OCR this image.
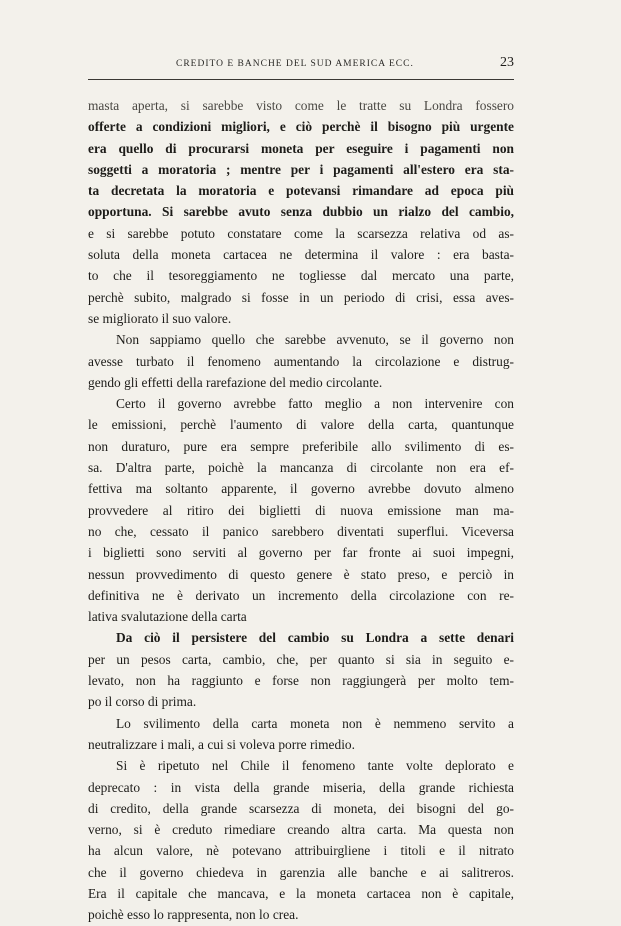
CREDITO E BANCHE DEL SUD AMERICA ECC.	23
masta aperta, si sarebbe visto come le tratte su Londra fossero
offerte a condizioni migliori, e ciò perchè il bisogno più urgente
era quello di procurarsi moneta per eseguire i pagamenti non
soggetti a moratoria ; mentre per i pagamenti all'estero era sta-
ta decretata la moratoria e potevansi rimandare ad epoca più
opportuna. Si sarebbe avuto senza dubbio un rialzo del cambio,
e si sarebbe potuto constatare come la scarsezza relativa od as-
soluta della moneta cartacea ne determina il valore : era basta-
to che il tesoreggiamento ne togliesse dal mercato una parte,
perchè subito, malgrado si fosse in un periodo di crisi, essa aves-
se migliorato il suo valore.
Non sappiamo quello che sarebbe avvenuto, se il governo non
avesse turbato il fenomeno aumentando la circolazione e distrug-
gendo gli effetti della rarefazione del medio circolante.
Certo il governo avrebbe fatto meglio a non intervenire con
le emissioni, perchè l'aumento di valore della carta, quantunque
non duraturo, pure era sempre preferibile allo svilimento di es-
sa. D'altra parte, poichè la mancanza di circolante non era ef-
fettiva ma soltanto apparente, il governo avrebbe dovuto almeno
provvedere al ritiro dei biglietti di nuova emissione man ma-
no che, cessato il panico sarebbero diventati superflui. Viceversa
i biglietti sono serviti al governo per far fronte ai suoi impegni,
nessun provvedimento di questo genere è stato preso, e perciò in
definitiva ne è derivato un incremento della circolazione con re-
lativa svalutazione della carta
Da ciò il persistere del cambio su Londra a sette denari
per un pesos carta, cambio, che, per quanto si sia in seguito e-
levato, non ha raggiunto e forse non raggiungerà per molto tem-
po il corso di prima.
Lo svilimento della carta moneta non è nemmeno servito a
neutralizzare i mali, a cui si voleva porre rimedio.
Si è ripetuto nel Chile il fenomeno tante volte deplorato e
deprecato : in vista della grande miseria, della grande richiesta
di credito, della grande scarsezza di moneta, dei bisogni del go-
verno, si è creduto rimediare creando altra carta. Ma questa non
ha alcun valore, nè potevano attribuirgliene i titoli e il nitrato
che il governo chiedeva in garenzia alle banche e ai salitreros.
Era il capitale che mancava, e la moneta cartacea non è capitale,
poichè esso lo rappresenta, non lo crea.
